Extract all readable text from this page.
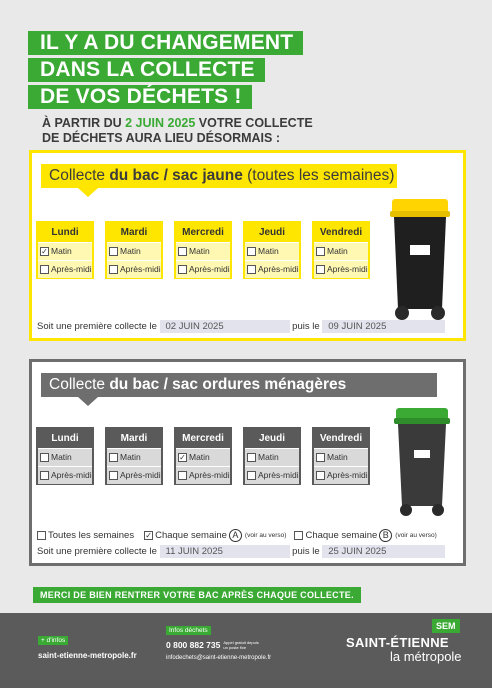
IL Y A DU CHANGEMENT
DANS LA COLLECTE
DE VOS DÉCHETS !
À PARTIR DU 2 JUIN 2025 VOTRE COLLECTE
DE DÉCHETS AURA LIEU DÉSORMAIS :
Collecte du bac / sac jaune (toutes les semaines)
Lundi
✓ Matin
Après-midi
Mardi
Matin
Après-midi
Mercredi
Matin
Après-midi
Jeudi
Matin
Après-midi
Vendredi
Matin
Après-midi
Soit une première collecte le 02 JUIN 2025	puis le 09 JUIN 2025
Collecte du bac / sac ordures ménagères
Lundi
Matin
Après-midi
Mardi
Matin
Après-midi
Mercredi
✓ Matin
Après-midi
Jeudi
Matin
Après-midi
Vendredi
Matin
Après-midi
Toutes les semaines ✓ Chaque semaine A	(voir au verso) Chaque semaine B	(voir au verso)
Soit une première collecte le 11 JUIN 2025	puis le 25 JUIN 2025
MERCI DE BIEN RENTRER VOTRE BAC APRÈS CHAQUE COLLECTE.
+ d'infos
saint-etienne-metropole.fr
Infos déchets
0 800 882 735 Appel gratuit depuis un poste fixe
infodechets@saint-etienne-metropole.fr
SEM
SAINT-ÉTIENNE
la métropole
